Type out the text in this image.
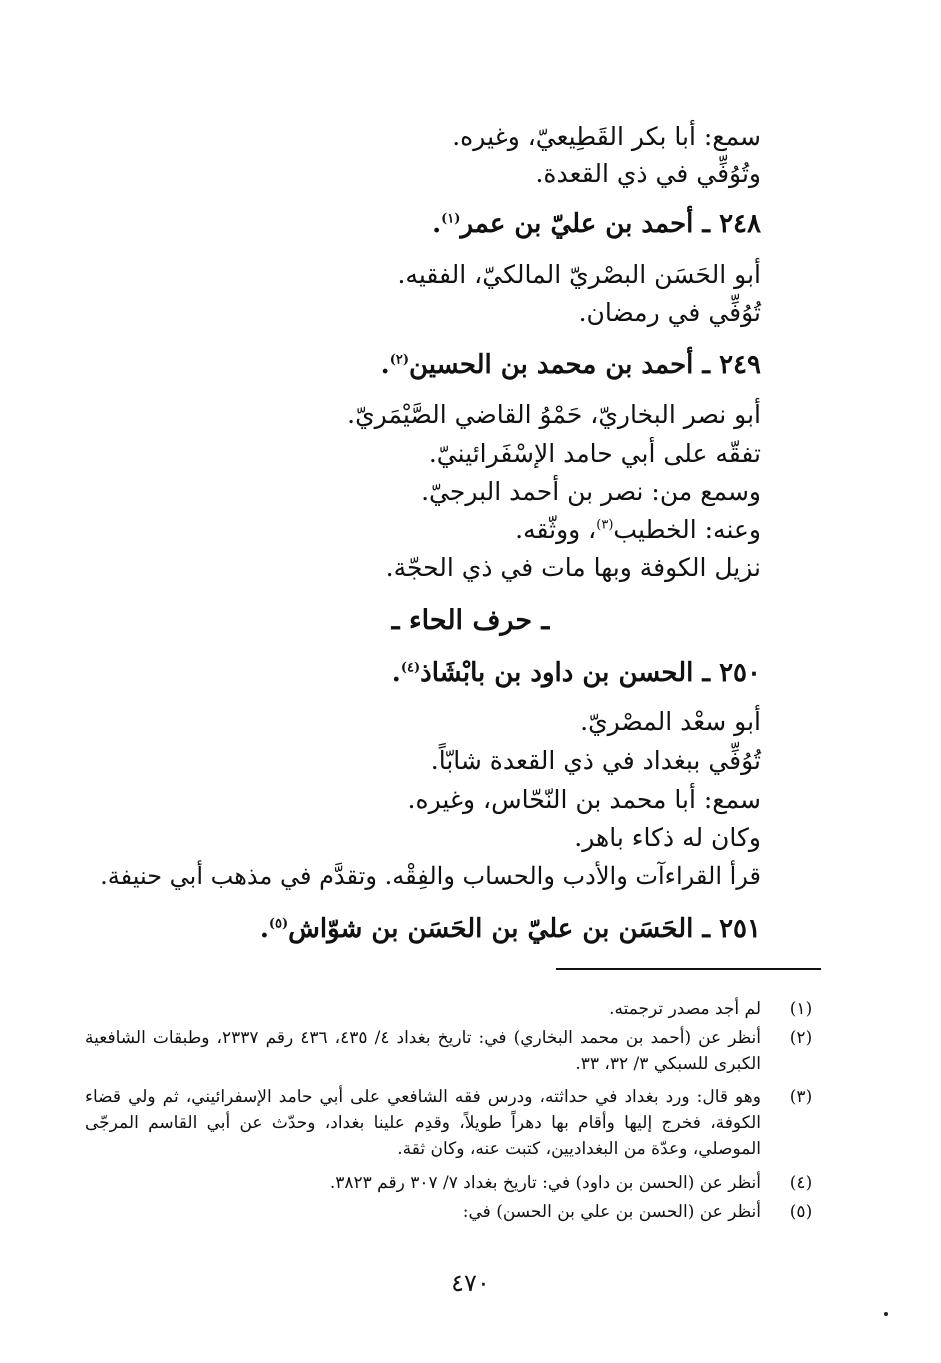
سمع: أبا بكر القَطِيعيّ، وغيره.
وتُوُفِّي في ذي القعدة.
٢٤٨ ـ أحمد بن عليّ بن عمر$^{(١)}$.
أبو الحَسَن البصْريّ المالكيّ، الفقيه.
تُوُفِّي في رمضان.
٢٤٩ ـ أحمد بن محمد بن الحسين$^{(٢)}$.
أبو نصر البخاريّ، حَمْوُ القاضي الصَّيْمَريّ.
تفقّه على أبي حامد الإسْفَرائينيّ.
وسمع من: نصر بن أحمد البرجيّ.
وعنه: الخطيب$^{(٣)}$، ووثّقه.
نزيل الكوفة وبها مات في ذي الحجّة.
ـ حرف الحاء ـ
٢٥٠ ـ الحسن بن داود بن بابْشَاذ$^{(٤)}$.
أبو سعْد المصْريّ.
تُوُفِّي ببغداد في ذي القعدة شابّاً.
سمع: أبا محمد بن النّحّاس، وغيره.
وكان له ذكاء باهر.
قرأ القراءآت والأدب والحساب والفِقْه. وتقدَّم في مذهب أبي حنيفة.
٢٥١ ـ الحَسَن بن عليّ بن الحَسَن بن شوّاش$^{(٥)}$.
(١)
لم أجد مصدر ترجمته.
(٢)
أنظر عن (أحمد بن محمد البخاري) في: تاريخ بغداد ٤/ ٤٣٥، ٤٣٦ رقم ٢٣٣٧، وطبقات الشافعية الكبرى للسبكي ٣/ ٣٢، ٣٣.
(٣)
وهو قال: ورد بغداد في حداثته، ودرس فقه الشافعي على أبي حامد الإسفرائيني، ثم ولي قضاء الكوفة، فخرج إليها وأقام بها دهراً طويلاً، وقدِم علينا بغداد، وحدّث عن أبي القاسم المرجّى الموصلي، وعدّة من البغداديين، كتبت عنه، وكان ثقة.
(٤)
أنظر عن (الحسن بن داود) في: تاريخ بغداد ٧/ ٣٠٧ رقم ٣٨٢٣.
(٥)
أنظر عن (الحسن بن علي بن الحسن) في:
٤٧٠
